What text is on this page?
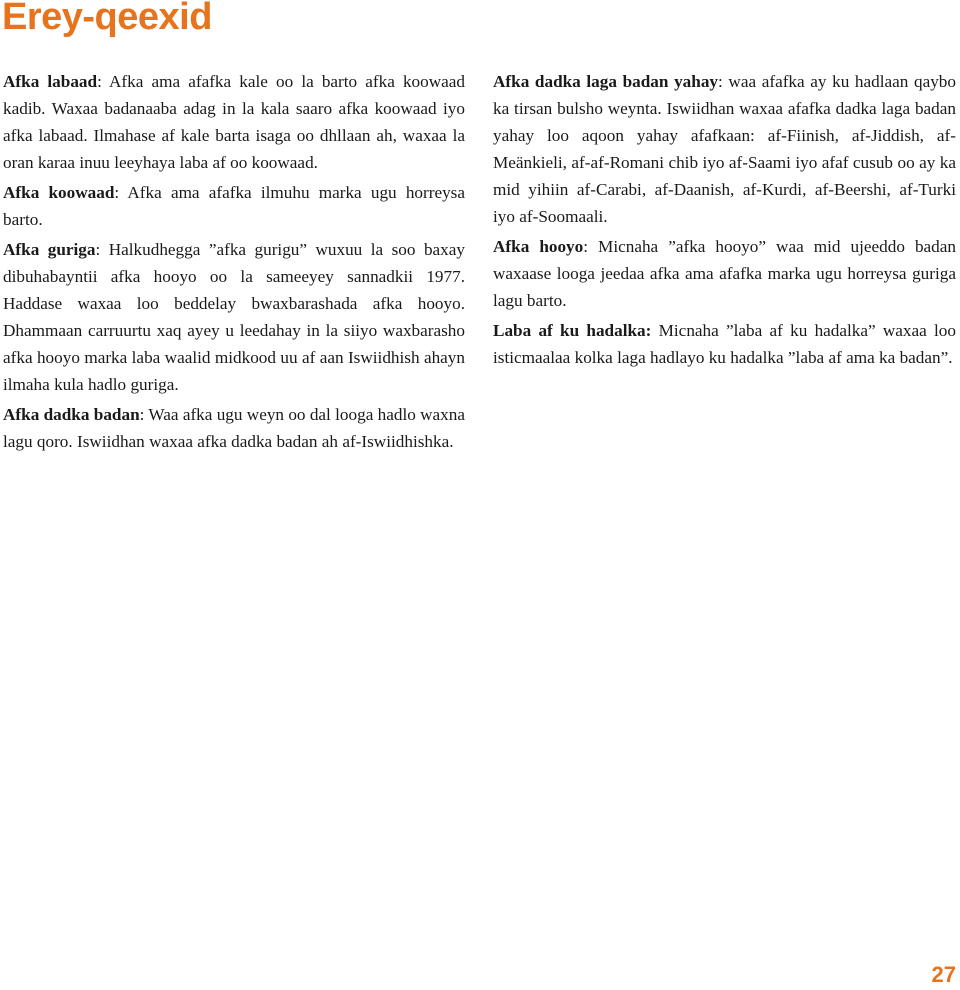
Erey-qeexid

Afka labaad: Afka ama afafka kale oo la barto afka koowaad kadib. Waxaa badanaaba adag in la kala saaro afka koowaad iyo afka labaad. Ilmahase af kale barta isaga oo dhllaan ah, waxaa la oran karaa inuu leeyhaya laba af oo koowaad.

Afka koowaad: Afka ama afafka ilmuhu marka ugu horreysa barto.

Afka guriga: Halkudhegga ”afka gurigu” wuxuu la soo baxay dibuhabayntii afka hooyo oo la sameeyey sannadkii 1977. Haddase waxaa loo beddelay bwaxbarashada afka hooyo. Dhammaan carruurtu xaq ayey u leedahay in la siiyo waxbarasho afka hooyo marka laba waalid midkood uu af aan Iswiidhish ahayn ilmaha kula hadlo guriga.

Afka dadka badan: Waa afka ugu weyn oo dal looga hadlo waxna lagu qoro. Iswiidhan waxaa afka dadka badan ah af-Iswiidhishka.

Afka dadka laga badan yahay: waa afafka ay ku hadlaan qaybo ka tirsan bulsho weynta. Iswiidhan waxaa afafka dadka laga badan yahay loo aqoon yahay afafkaan: af-Fiinish, af-Jiddish, af-Meänkieli, af-af-Romani chib iyo af-Saami iyo afaf cusub oo ay ka mid yihiin af-Carabi, af-Daanish, af-Kurdi, af-Beershi, af-Turki iyo af-Soomaali.

Afka hooyo: Micnaha ”afka hooyo” waa mid ujeeddo badan waxaase looga jeedaa afka ama afafka marka ugu horreysa guriga lagu barto.

Laba af ku hadalka: Micnaha ”laba af ku hadalka” waxaa loo isticmaalaa kolka laga hadlayo ku hadalka ”laba af ama ka badan”.

27
